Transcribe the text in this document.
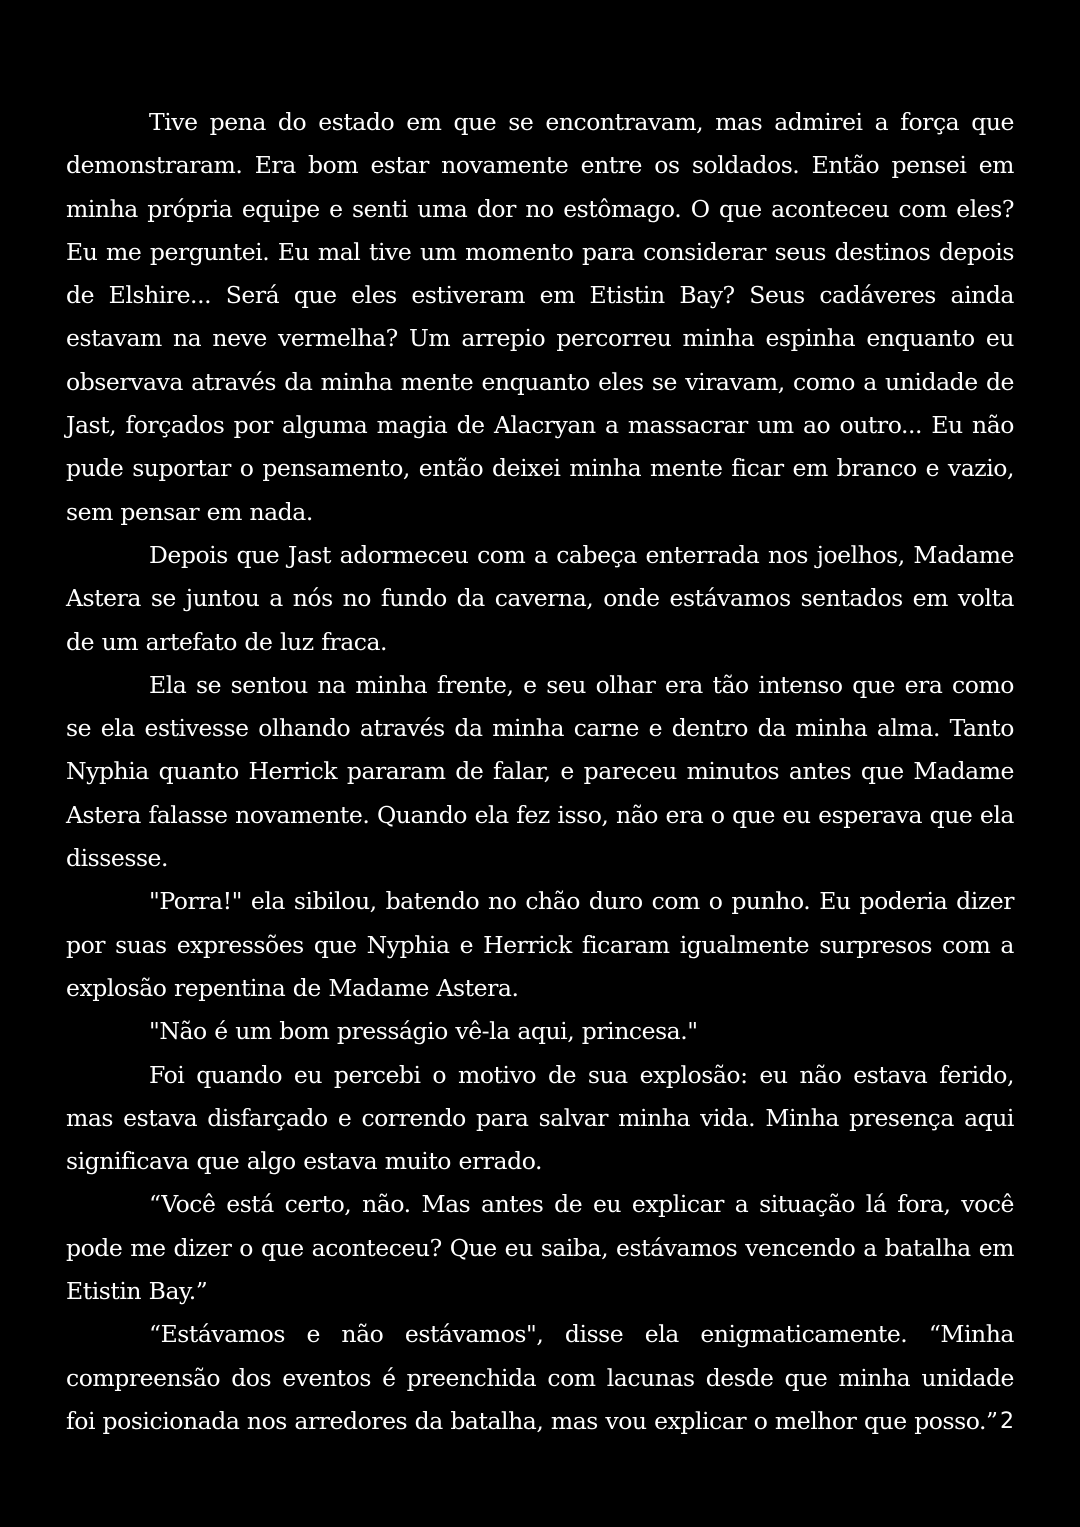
Tive pena do estado em que se encontravam, mas admirei a força que demonstraram. Era bom estar novamente entre os soldados. Então pensei em minha própria equipe e senti uma dor no estômago. O que aconteceu com eles? Eu me perguntei. Eu mal tive um momento para considerar seus destinos depois de Elshire... Será que eles estiveram em Etistin Bay? Seus cadáveres ainda estavam na neve vermelha? Um arrepio percorreu minha espinha enquanto eu observava através da minha mente enquanto eles se viravam, como a unidade de Jast, forçados por alguma magia de Alacryan a massacrar um ao outro... Eu não pude suportar o pensamento, então deixei minha mente ficar em branco e vazio, sem pensar em nada.

Depois que Jast adormeceu com a cabeça enterrada nos joelhos, Madame Astera se juntou a nós no fundo da caverna, onde estávamos sentados em volta de um artefato de luz fraca.

Ela se sentou na minha frente, e seu olhar era tão intenso que era como se ela estivesse olhando através da minha carne e dentro da minha alma. Tanto Nyphia quanto Herrick pararam de falar, e pareceu minutos antes que Madame Astera falasse novamente. Quando ela fez isso, não era o que eu esperava que ela dissesse.

"Porra!" ela sibilou, batendo no chão duro com o punho. Eu poderia dizer por suas expressões que Nyphia e Herrick ficaram igualmente surpresos com a explosão repentina de Madame Astera.

"Não é um bom presságio vê-la aqui, princesa."

Foi quando eu percebi o motivo de sua explosão: eu não estava ferido, mas estava disfarçado e correndo para salvar minha vida. Minha presença aqui significava que algo estava muito errado.

“Você está certo, não. Mas antes de eu explicar a situação lá fora, você pode me dizer o que aconteceu? Que eu saiba, estávamos vencendo a batalha em Etistin Bay.”

“Estávamos e não estávamos", disse ela enigmaticamente. “Minha compreensão dos eventos é preenchida com lacunas desde que minha unidade foi posicionada nos arredores da batalha, mas vou explicar o melhor que posso.” 2
